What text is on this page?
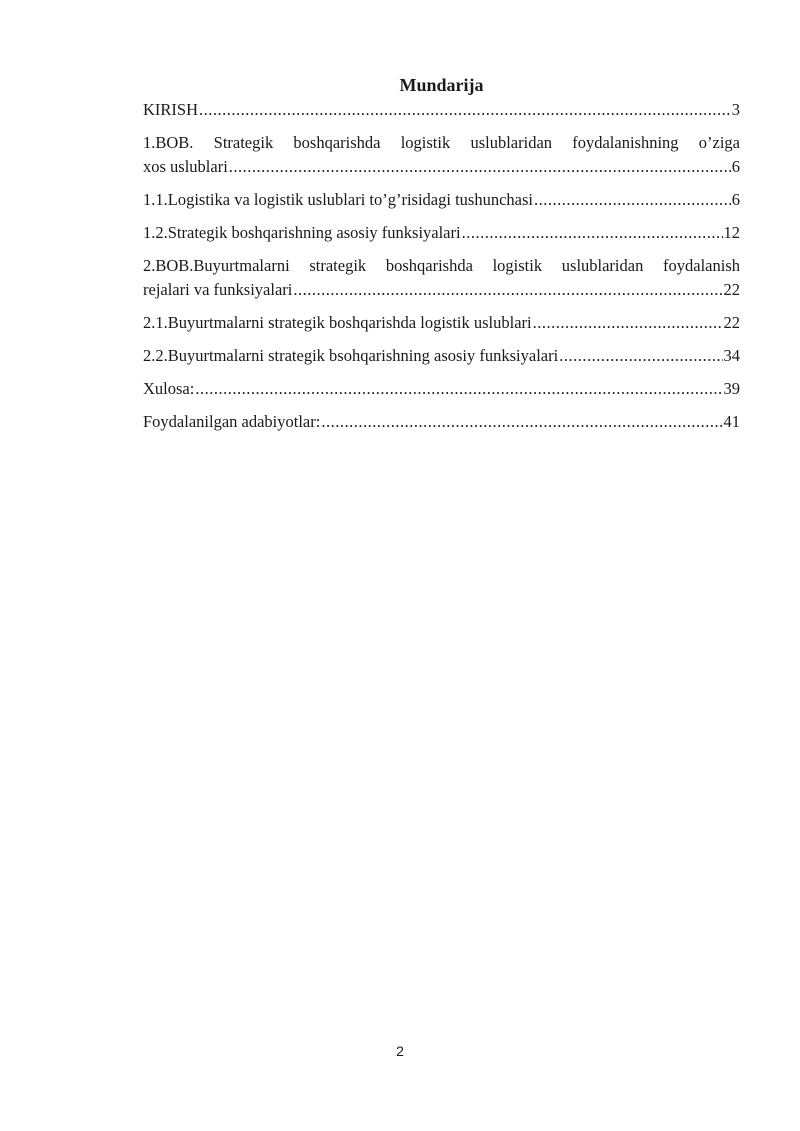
Mundarija
KIRISH .....	3
1.BOB. Strategik boshqarishda logistik uslublaridan foydalanishning o’ziga
xos uslublari .....	6
1.1.Logistika va logistik uslublari to’g’risidagi tushunchasi .....	6
1.2.Strategik boshqarishning asosiy funksiyalari .....	12
2.BOB.Buyurtmalarni strategik boshqarishda logistik uslublaridan foydalanish
rejalari va funksiyalari .....	22
2.1.Buyurtmalarni strategik boshqarishda logistik uslublari .....	22
2.2.Buyurtmalarni strategik bsohqarishning asosiy funksiyalari .....	34
Xulosa: .....	39
Foydalanilgan adabiyotlar: .....	41
2
